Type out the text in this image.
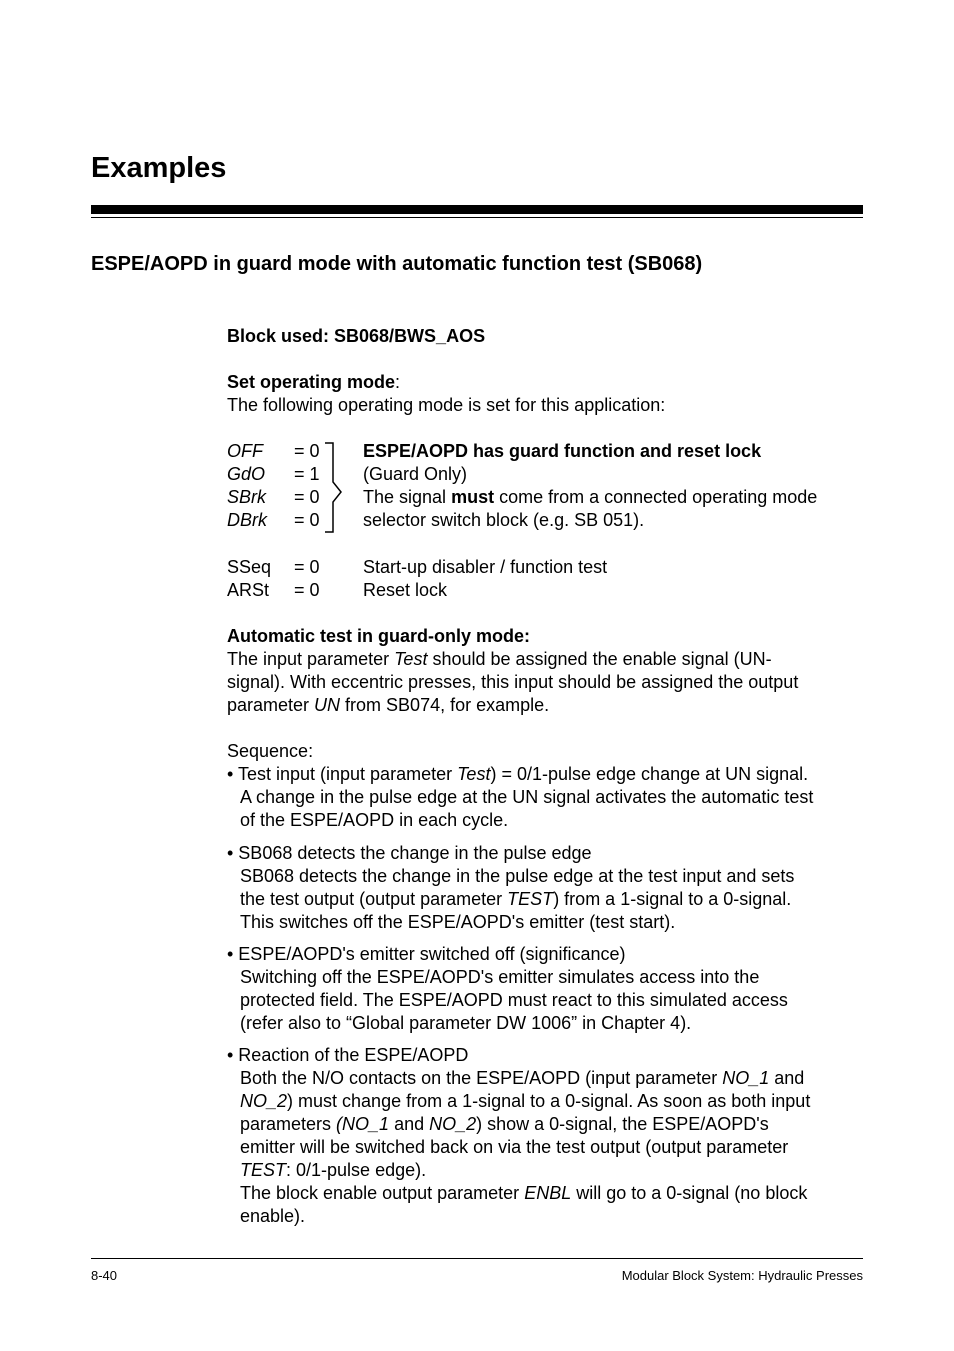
Examples
ESPE/AOPD in guard mode with automatic function test (SB068)
Block used: SB068/BWS_AOS
Set operating mode:
The following operating mode is set for this application:
OFF = 0
GdO = 1
SBrk = 0
DBrk = 0
ESPE/AOPD has guard function and reset lock
(Guard Only)
The signal must come from a connected operating mode
selector switch block (e.g. SB 051).
SSeq = 0 Start-up disabler / function test
ARSt = 0 Reset lock
Automatic test in guard-only mode:
The input parameter Test should be assigned the enable signal (UN-
signal). With eccentric presses, this input should be assigned the output
parameter UN from SB074, for example.
Sequence:
• Test input (input parameter Test) = 0/1-pulse edge change at UN signal.
A change in the pulse edge at the UN signal activates the automatic test
of the ESPE/AOPD in each cycle.
• SB068 detects the change in the pulse edge
SB068 detects the change in the pulse edge at the test input and sets
the test output (output parameter TEST) from a 1-signal to a 0-signal.
This switches off the ESPE/AOPD's emitter (test start).
• ESPE/AOPD's emitter switched off (significance)
Switching off the ESPE/AOPD's emitter simulates access into the
protected field. The ESPE/AOPD must react to this simulated access
(refer also to “Global parameter DW 1006” in Chapter 4).
• Reaction of the ESPE/AOPD
Both the N/O contacts on the ESPE/AOPD (input parameter NO_1 and
NO_2) must change from a 1-signal to a 0-signal. As soon as both input
parameters (NO_1 and NO_2) show a 0-signal, the ESPE/AOPD's
emitter will be switched back on via the test output (output parameter
TEST: 0/1-pulse edge).
The block enable output parameter ENBL will go to a 0-signal (no block
enable).
8-40	Modular Block System: Hydraulic Presses
